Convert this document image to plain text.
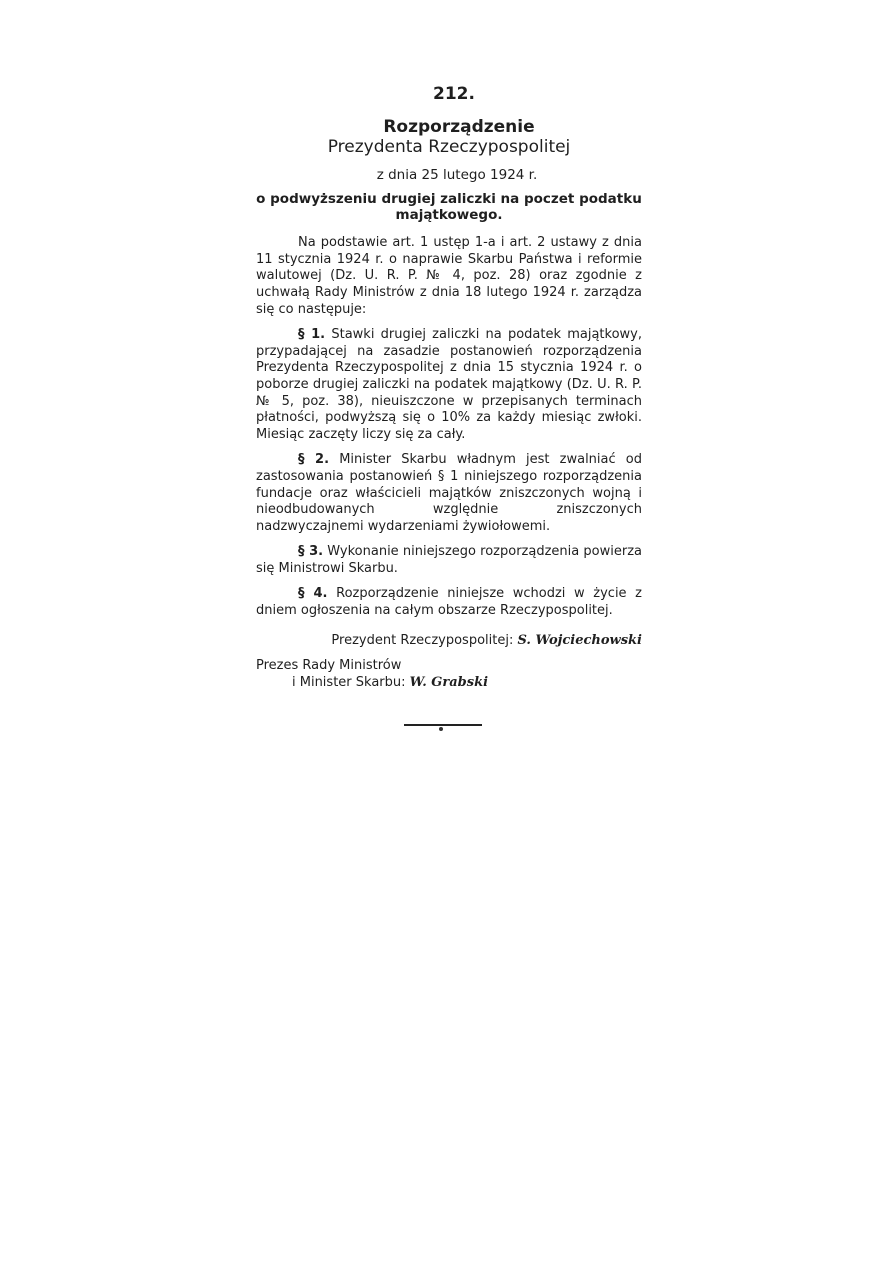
212.
Rozporządzenie
Prezydenta Rzeczypospolitej
z dnia 25 lutego 1924 r.
o podwyższeniu drugiej zaliczki na poczet podatku majątkowego.

Na podstawie art. 1 ustęp 1-a i art. 2 ustawy z dnia 11 stycznia 1924 r. o naprawie Skarbu Państwa i reformie walutowej (Dz. U. R. P. № 4, poz. 28) oraz zgodnie z uchwałą Rady Ministrów z dnia 18 lutego 1924 r. zarządza się co następuje:

§ 1. Stawki drugiej zaliczki na podatek majątkowy, przypadającej na zasadzie postanowień rozporządzenia Prezydenta Rzeczypospolitej z dnia 15 stycznia 1924 r. o poborze drugiej zaliczki na podatek majątkowy (Dz. U. R. P. № 5, poz. 38), nieuiszczone w przepisanych terminach płatności, podwyższą się o 10% za każdy miesiąc zwłoki. Miesiąc zaczęty liczy się za cały.

§ 2. Minister Skarbu władnym jest zwalniać od zastosowania postanowień § 1 niniejszego rozporządzenia fundacje oraz właścicieli majątków zniszczonych wojną i nieodbudowanych względnie zniszczonych nadzwyczajnemi wydarzeniami żywiołowemi.

§ 3. Wykonanie niniejszego rozporządzenia powierza się Ministrowi Skarbu.

§ 4. Rozporządzenie niniejsze wchodzi w życie z dniem ogłoszenia na całym obszarze Rzeczypospolitej.

Prezydent Rzeczypospolitej: S. Wojciechowski
Prezes Rady Ministrów
i Minister Skarbu: W. Grabski
